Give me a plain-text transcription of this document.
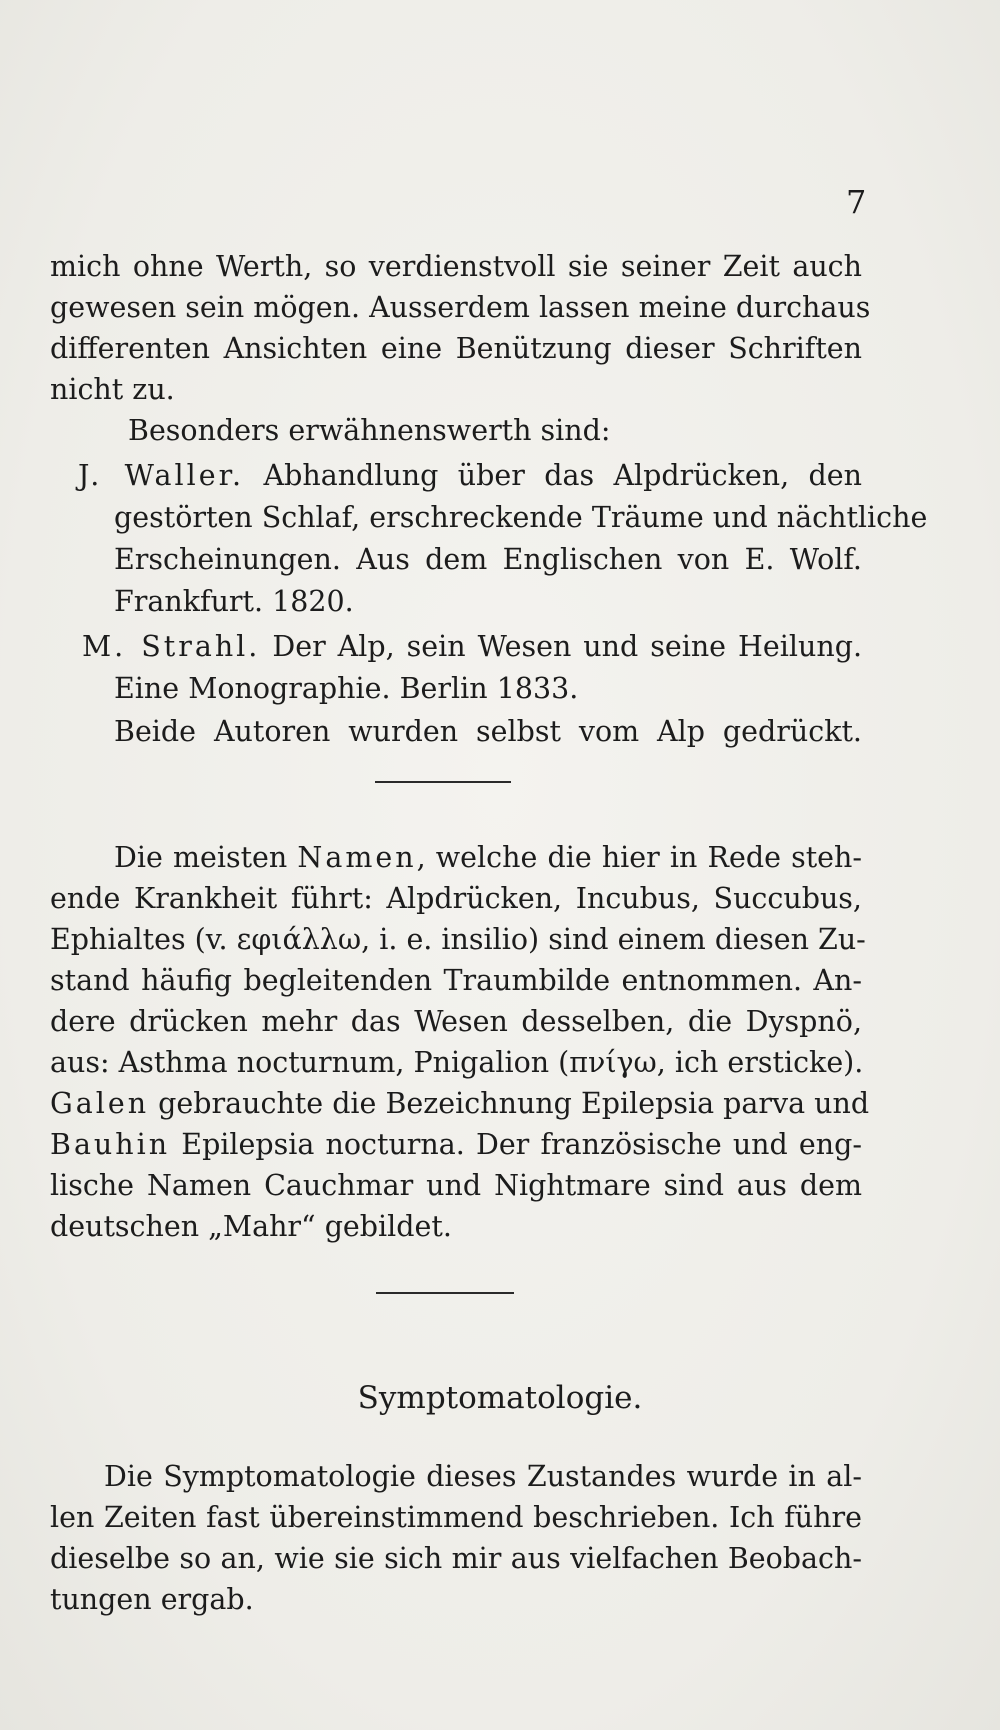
7
mich ohne Werth, so verdienstvoll sie seiner Zeit auch
gewesen sein mögen. Ausserdem lassen meine durchaus
differenten Ansichten eine Benützung dieser Schriften
nicht zu.
Besonders erwähnenswerth sind:
J. Waller. Abhandlung über das Alpdrücken, den
gestörten Schlaf, erschreckende Träume und nächtliche
Erscheinungen. Aus dem Englischen von E. Wolf.
Frankfurt. 1820.
M. Strahl. Der Alp, sein Wesen und seine Heilung.
Eine Monographie. Berlin 1833.
Beide Autoren wurden selbst vom Alp gedrückt.
Die meisten Namen, welche die hier in Rede steh-
ende Krankheit führt: Alpdrücken, Incubus, Succubus,
Ephialtes (v. εφιάλλω, i. e. insilio) sind einem diesen Zu-
stand häufig begleitenden Traumbilde entnommen. An-
dere drücken mehr das Wesen desselben, die Dyspnö,
aus: Asthma nocturnum, Pnigalion (πνίγω, ich ersticke).
Galen gebrauchte die Bezeichnung Epilepsia parva und
Bauhin Epilepsia nocturna. Der französische und eng-
lische Namen Cauchmar und Nightmare sind aus dem
deutschen „Mahr“ gebildet.
Die Symptomatologie dieses Zustandes wurde in al-
len Zeiten fast übereinstimmend beschrieben. Ich führe
dieselbe so an, wie sie sich mir aus vielfachen Beobach-
tungen ergab.
Symptomatologie.
